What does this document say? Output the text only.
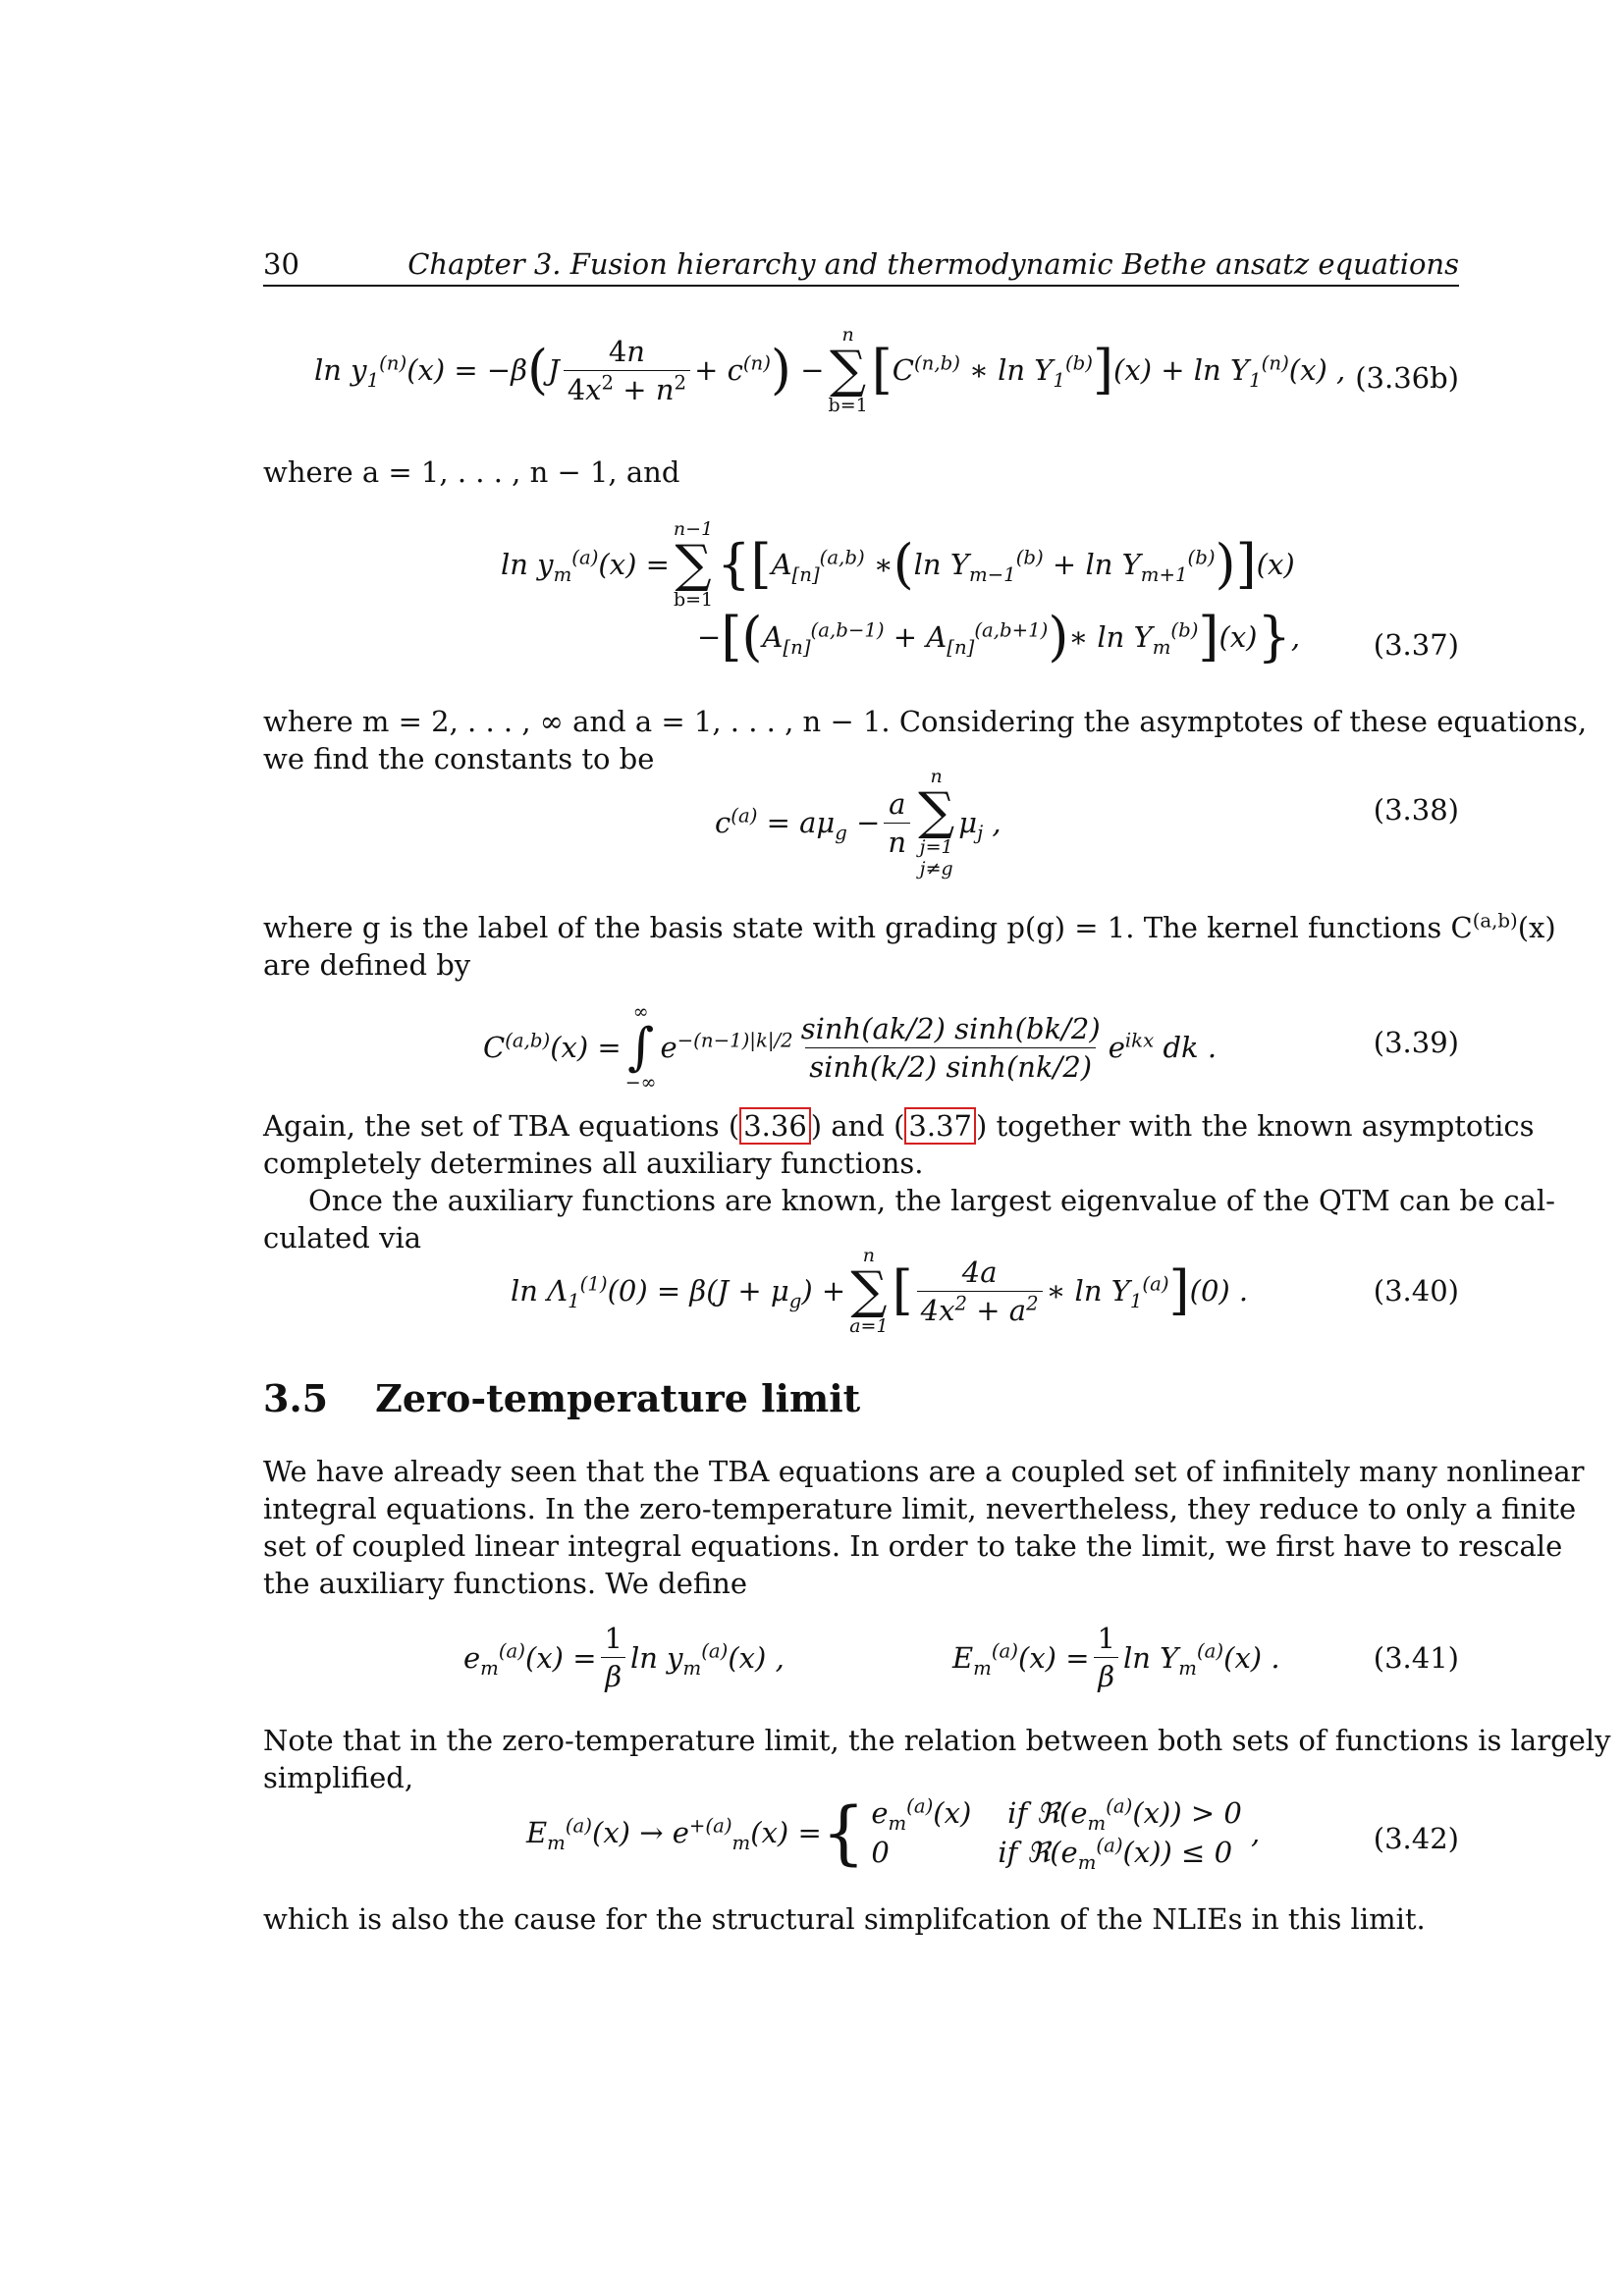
30	Chapter 3. Fusion hierarchy and thermodynamic Bethe ansatz equations
$\ln y_1^{(n)}(x) = -\beta$ ( J $\frac{4n}{4x^2 + n^2} + c^{(n)}$ ) −
n
∑
b=1
[ C$^{(n,b)}$ ∗ $\ln Y_1^{(b)}$ ] $(x) + \ln Y_1^{(n)}(x)$ , (3.36b)
where a = 1, . . . , n − 1, and
$\ln y_m^{(a)}(x)$ =
n−1
∑
b=1
{ [ $A_{[n]}^{(a,b)}$ ∗ ( $\ln Y_{m-1}^{(b)} + \ln Y_{m+1}^{(b)}$ ) ] (x)
− [ ( $A_{[n]}^{(a,b-1)} + A_{[n]}^{(a,b+1)}$ ) ∗ $\ln Y_m^{(b)}$ ] (x) } ,	(3.37)
where m = 2, . . . , ∞ and a = 1, . . . , n − 1. Considering the asymptotes of these equations,
we find the constants to be
$c^{(a)} = a\mu_g - \frac{a}{n}$
n
∑
j=1
j≠g
$\mu_j$ ,	(3.38)
where g is the label of the basis state with grading p(g) = 1. The kernel functions C$^{(a,b)}$(x)
are defined by
C$^{(a,b)}$(x) =
∞
∫
−∞
$e^{-(n-1)|k|/2} \frac{\sinh(ak/2) \sinh(bk/2)}{\sinh(k/2) \sinh(nk/2)} e^{ikx}$ dk .	(3.39)
Again, the set of TBA equations ( 3.36 ) and ( 3.37 ) together with the known asymptotics
completely determines all auxiliary functions.
Once the auxiliary functions are known, the largest eigenvalue of the QTM can be cal-
culated via
$\ln \Lambda_1^{(1)}(0) = \beta(J + \mu_g)$ +
n
∑
a=1
[ $\frac{4a}{4x^2 + a^2}$ ∗ $\ln Y_1^{(a)}$ ] (0) .	(3.40)
3.5 Zero-temperature limit
We have already seen that the TBA equations are a coupled set of infinitely many nonlinear
integral equations. In the zero-temperature limit, nevertheless, they reduce to only a finite
set of coupled linear integral equations. In order to take the limit, we first have to rescale
the auxiliary functions. We define
$e_m^{(a)}(x) = \frac{1}{\beta}$ $\ln y_m^{(a)}(x)$ ,	$E_m^{(a)}(x) = \frac{1}{\beta}$ $\ln Y_m^{(a)}(x)$ .	(3.41)
Note that in the zero-temperature limit, the relation between both sets of functions is largely
simplified,
$E_m^{(a)}(x) \to e^{+(a)}_m(x)$ = { $e_m^{(a)}(x)$    if $ℜ(e_m^{(a)}(x)) > 0$
0            if $ℜ(e_m^{(a)}(x)) \le 0$
,	(3.42)
which is also the cause for the structural simplifcation of the NLIEs in this limit.
